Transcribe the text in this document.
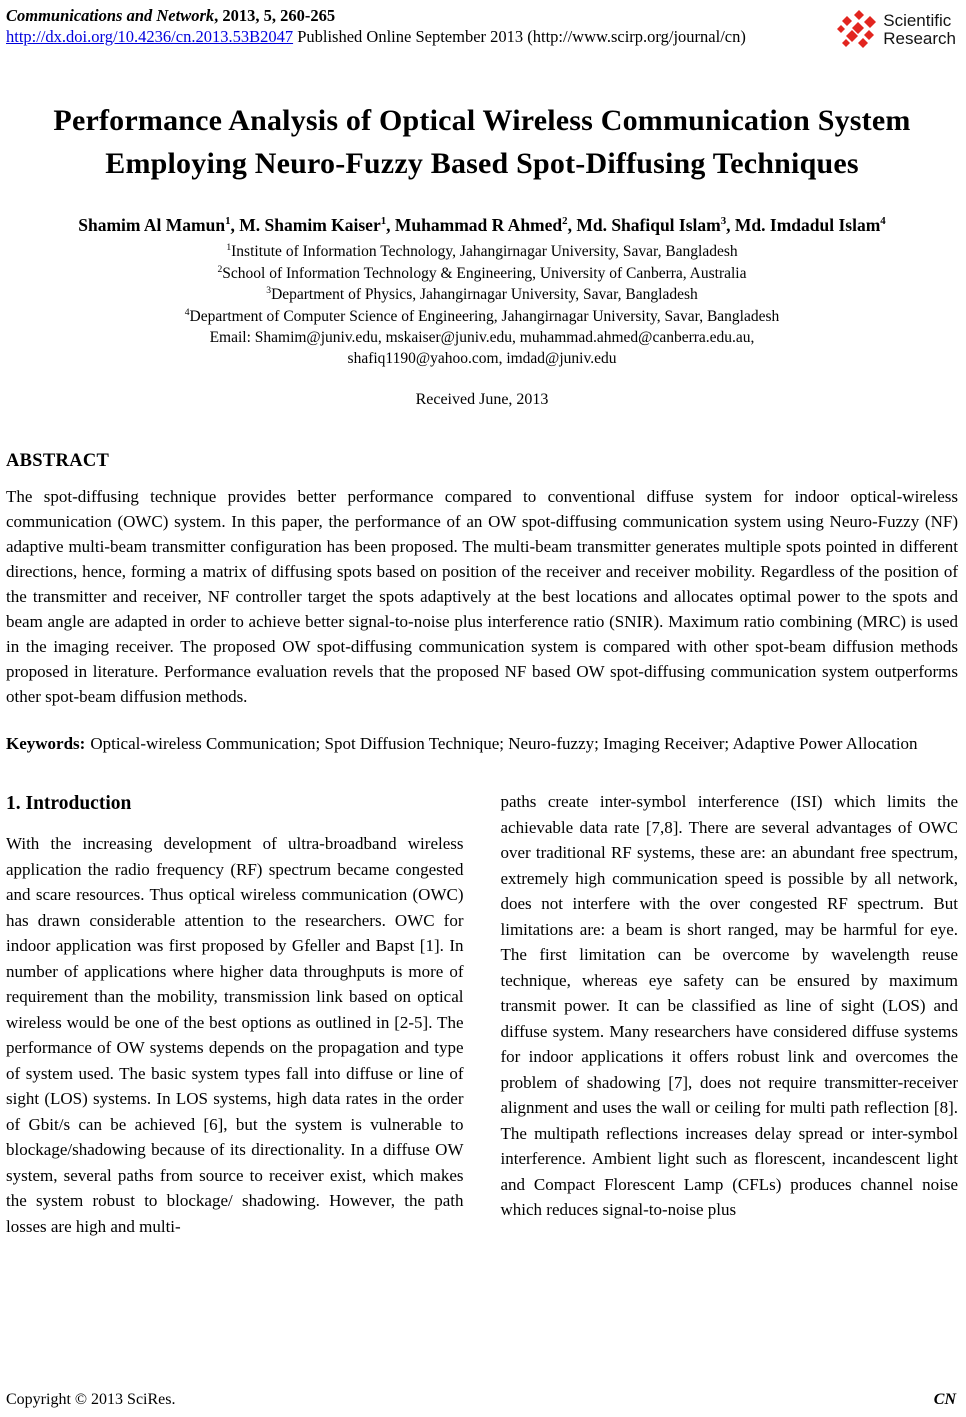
Communications and Network, 2013, 5, 260-265
http://dx.doi.org/10.4236/cn.2013.53B2047 Published Online September 2013 (http://www.scirp.org/journal/cn)
Scientific
Research
Performance Analysis of Optical Wireless Communication System Employing Neuro-Fuzzy Based Spot-Diffusing Techniques
Shamim Al Mamun$^1$, M. Shamim Kaiser$^1$, Muhammad R Ahmed$^2$, Md. Shafiqul Islam$^3$, Md. Imdadul Islam$^4$
$^1$Institute of Information Technology, Jahangirnagar University, Savar, Bangladesh
$^2$School of Information Technology & Engineering, University of Canberra, Australia
$^3$Department of Physics, Jahangirnagar University, Savar, Bangladesh
$^4$Department of Computer Science of Engineering, Jahangirnagar University, Savar, Bangladesh
Email: Shamim@juniv.edu, mskaiser@juniv.edu, muhammad.ahmed@canberra.edu.au,
shafiq1190@yahoo.com, imdad@juniv.edu
Received June, 2013
ABSTRACT
The spot-diffusing technique provides better performance compared to conventional diffuse system for indoor optical-wireless communication (OWC) system. In this paper, the performance of an OW spot-diffusing communication system using Neuro-Fuzzy (NF) adaptive multi-beam transmitter configuration has been proposed. The multi-beam transmitter generates multiple spots pointed in different directions, hence, forming a matrix of diffusing spots based on position of the receiver and receiver mobility. Regardless of the position of the transmitter and receiver, NF controller target the spots adaptively at the best locations and allocates optimal power to the spots and beam angle are adapted in order to achieve better signal-to-noise plus interference ratio (SNIR). Maximum ratio combining (MRC) is used in the imaging receiver. The proposed OW spot-diffusing communication system is compared with other spot-beam diffusion methods proposed in literature. Performance evaluation revels that the proposed NF based OW spot-diffusing communication system outperforms other spot-beam diffusion methods.
Keywords: Optical-wireless Communication; Spot Diffusion Technique; Neuro-fuzzy; Imaging Receiver; Adaptive Power Allocation
1. Introduction
With the increasing development of ultra-broadband wireless application the radio frequency (RF) spectrum became congested and scare resources. Thus optical wireless communication (OWC) has drawn considerable attention to the researchers. OWC for indoor application was first proposed by Gfeller and Bapst [1]. In number of applications where higher data throughputs is more of requirement than the mobility, transmission link based on optical wireless would be one of the best options as outlined in [2-5]. The performance of OW systems depends on the propagation and type of system used. The basic system types fall into diffuse or line of sight (LOS) systems. In LOS systems, high data rates in the order of Gbit/s can be achieved [6], but the system is vulnerable to blockage/shadowing because of its directionality. In a diffuse OW system, several paths from source to receiver exist, which makes the system robust to blockage/ shadowing. However, the path losses are high and multi-
paths create inter-symbol interference (ISI) which limits the achievable data rate [7,8]. There are several advantages of OWC over traditional RF systems, these are: an abundant free spectrum, extremely high communication speed is possible by all network, does not interfere with the over congested RF spectrum. But limitations are: a beam is short ranged, may be harmful for eye. The first limitation can be overcome by wavelength reuse technique, whereas eye safety can be ensured by maximum transmit power. It can be classified as line of sight (LOS) and diffuse system. Many researchers have considered diffuse systems for indoor applications it offers robust link and overcomes the problem of shadowing [7], does not require transmitter-receiver alignment and uses the wall or ceiling for multi path reflection [8]. The multipath reflections increases delay spread or inter-symbol interference. Ambient light such as florescent, incandescent light and Compact Florescent Lamp (CFLs) produces channel noise which reduces signal-to-noise plus
Copyright © 2013 SciRes.	CN
